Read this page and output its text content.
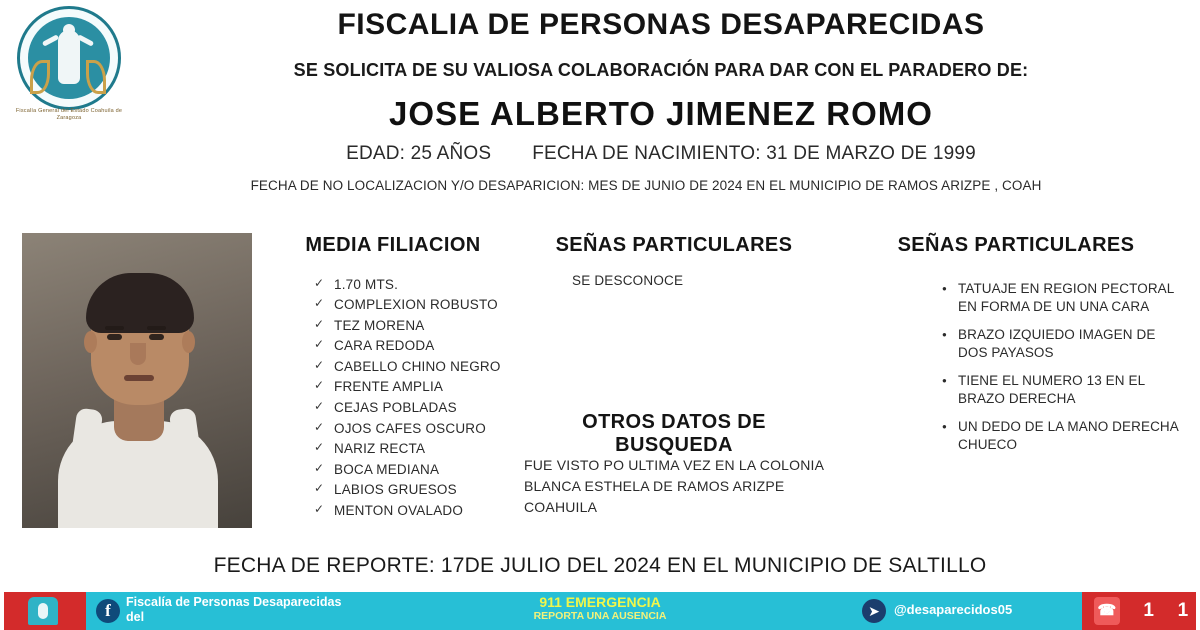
Fiscalía General del Estado Coahuila de Zaragoza
FISCALIA DE PERSONAS DESAPARECIDAS
SE SOLICITA DE SU VALIOSA COLABORACIÓN PARA DAR CON EL PARADERO DE:
JOSE ALBERTO JIMENEZ ROMO
EDAD: 25 AÑOS FECHA DE NACIMIENTO: 31 DE MARZO DE 1999
FECHA DE NO LOCALIZACION Y/O DESAPARICION: MES DE JUNIO DE 2024 EN EL MUNICIPIO DE RAMOS ARIZPE , COAH
MEDIA FILIACION
✓ 1.70 MTS.
✓ COMPLEXION ROBUSTO
✓ TEZ MORENA
✓ CARA REDODA
✓ CABELLO CHINO NEGRO
✓ FRENTE AMPLIA
✓ CEJAS POBLADAS
✓ OJOS CAFES OSCURO
✓ NARIZ RECTA
✓ BOCA MEDIANA
✓ LABIOS GRUESOS
✓ MENTON OVALADO
SEÑAS PARTICULARES
SE DESCONOCE
OTROS DATOS DE BUSQUEDA
FUE VISTO PO ULTIMA VEZ EN LA COLONIA BLANCA ESTHELA DE RAMOS ARIZPE COAHUILA
SEÑAS PARTICULARES
● TATUAJE EN REGION PECTORAL EN FORMA DE UN UNA CARA
● BRAZO IZQUIEDO IMAGEN DE DOS PAYASOS
● TIENE EL NUMERO 13 EN EL BRAZO DERECHA
● UN DEDO DE LA MANO DERECHA CHUECO
FECHA DE REPORTE: 17DE JULIO DEL 2024 EN EL MUNICIPIO DE SALTILLO
f	Fiscalía de Personas Desaparecidas del
911 EMERGENCIA
REPORTA UNA AUSENCIA	➤	@desaparecidos05	☎ 1 1
